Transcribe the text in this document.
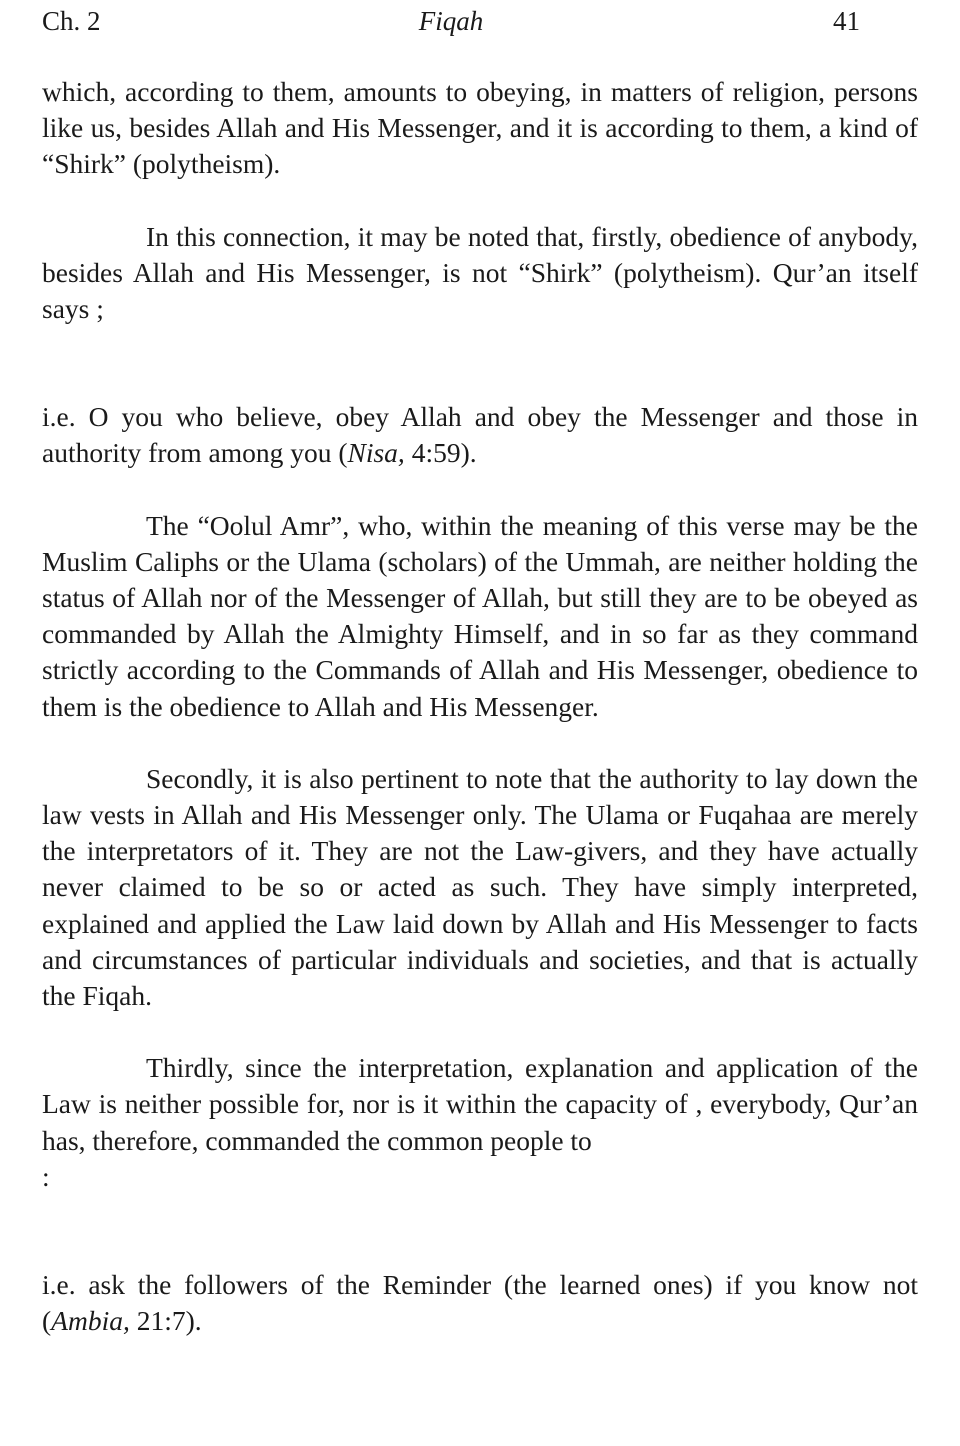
Ch. 2	Fiqah	41

which, according to them, amounts to obeying, in matters of religion, persons like us, besides Allah and His Messenger, and it is according to them, a kind of “Shirk” (polytheism).

In this connection, it may be noted that, firstly, obedience of anybody, besides Allah and His Messenger, is not “Shirk” (polytheism). Qur’an itself says ;

i.e. O you who believe, obey Allah and obey the Messenger and those in authority from among you (Nisa, 4:59).

The “Oolul Amr”, who, within the meaning of this verse may be the Muslim Caliphs or the Ulama (scholars) of the Ummah, are neither holding the status of Allah nor of the Messenger of Allah, but still they are to be obeyed as commanded by Allah the Almighty Himself, and in so far as they command strictly according to the Commands of Allah and His Messenger, obedience to them is the obedience to Allah and His Messenger.

Secondly, it is also pertinent to note that the authority to lay down the law vests in Allah and His Messenger only. The Ulama or Fuqahaa are merely the interpretators of it. They are not the Law-givers, and they have actually never claimed to be so or acted as such. They have simply interpreted, explained and applied the Law laid down by Allah and His Messenger to facts and circumstances of particular individuals and societies, and that is actually the Fiqah.

Thirdly, since the interpretation, explanation and application of the Law is neither possible for, nor is it within the capacity of , everybody, Qur’an has, therefore, commanded the common people to

:

i.e. ask the followers of the Reminder (the learned ones) if you know not (Ambia, 21:7).
